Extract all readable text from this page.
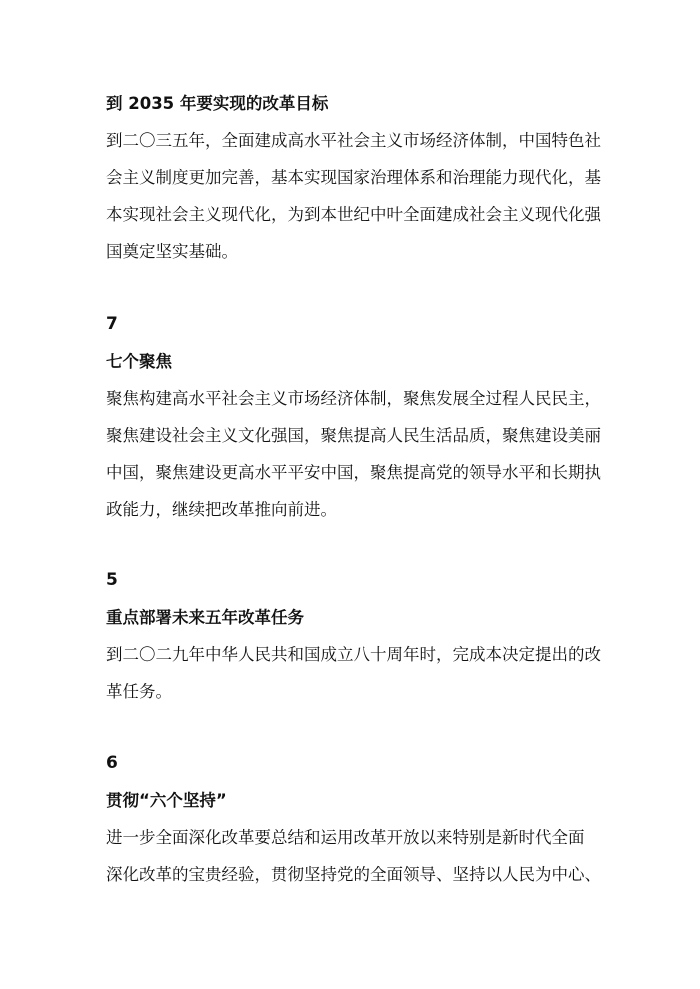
到 2035 年要实现的改革目标

到二〇三五年，全面建成高水平社会主义市场经济体制，中国特色社
会主义制度更加完善，基本实现国家治理体系和治理能力现代化，基
本实现社会主义现代化，为到本世纪中叶全面建成社会主义现代化强
国奠定坚实基础。

7

七个聚焦

聚焦构建高水平社会主义市场经济体制，聚焦发展全过程人民民主，
聚焦建设社会主义文化强国，聚焦提高人民生活品质，聚焦建设美丽
中国，聚焦建设更高水平平安中国，聚焦提高党的领导水平和长期执
政能力，继续把改革推向前进。

5

重点部署未来五年改革任务

到二〇二九年中华人民共和国成立八十周年时，完成本决定提出的改
革任务。

6

贯彻“六个坚持”

进一步全面深化改革要总结和运用改革开放以来特别是新时代全面
深化改革的宝贵经验，贯彻坚持党的全面领导、坚持以人民为中心、
